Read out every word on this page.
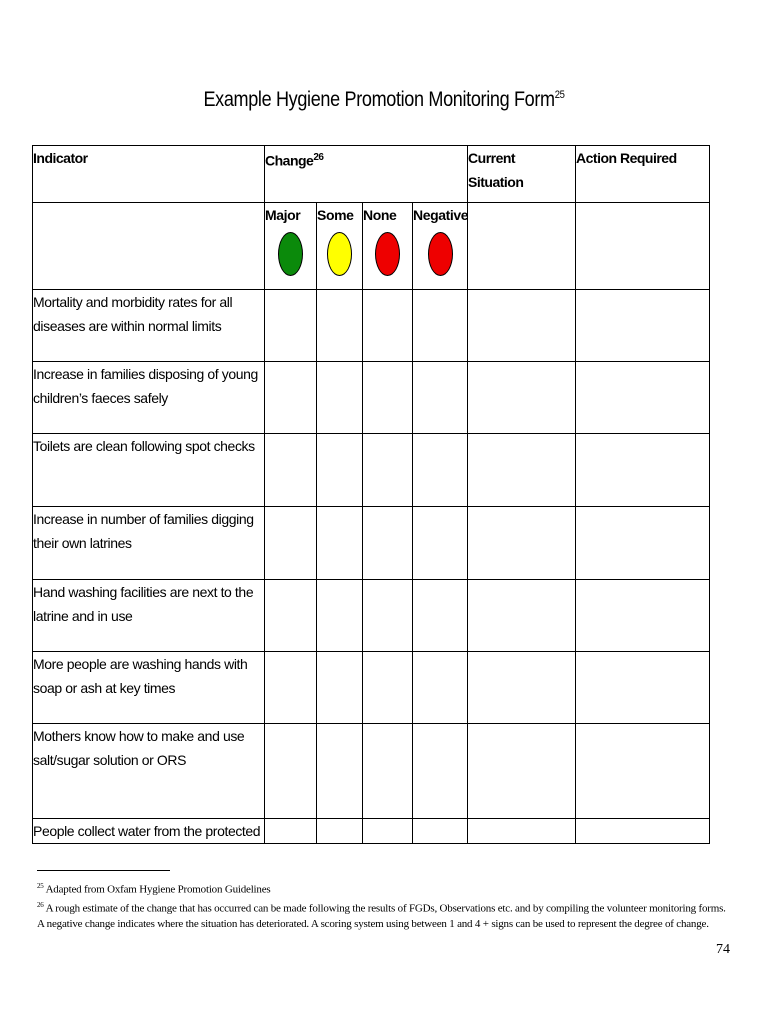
Example Hygiene Promotion Monitoring Form$^{25}$
Indicator	Change$^{26}$				Current
Situation	Action Required

	Major	Some	None	Negative		

Mortality and morbidity rates for all diseases are within normal limits						
Increase in families disposing of young children’s faeces safely						
Toilets are clean following spot checks						
Increase in number of families digging their own latrines						
Hand washing facilities are next to the latrine and in use						
More people are washing hands with soap or ash at key times						
Mothers know how to make and use salt/sugar solution or ORS						
People collect water from the protected						
$^{25}$ Adapted from Oxfam Hygiene Promotion Guidelines
$^{26}$ A rough estimate of the change that has occurred can be made following the results of FGDs, Observations etc. and by compiling the volunteer monitoring forms. A negative change indicates where the situation has deteriorated. A scoring system using between 1 and 4 + signs can be used to represent the degree of change.
74
